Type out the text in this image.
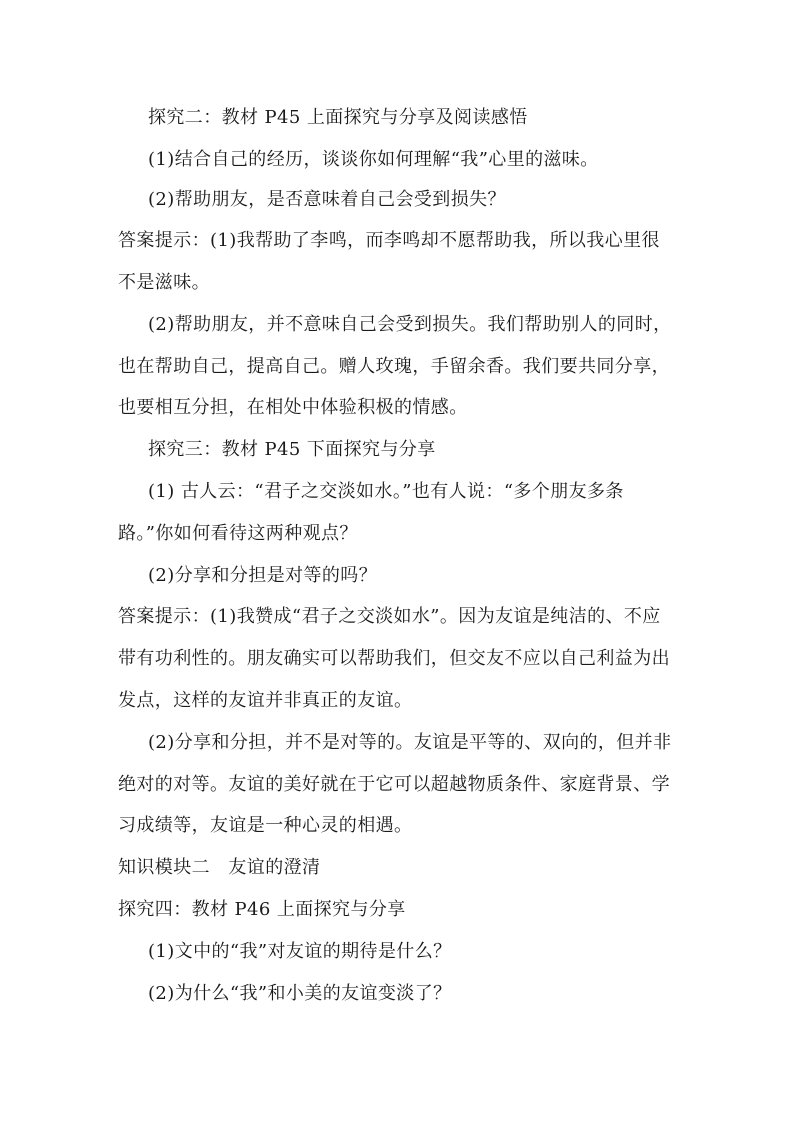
探究二：教材 P45 上面探究与分享及阅读感悟
(1)结合自己的经历，谈谈你如何理解“我”心里的滋味。
(2)帮助朋友，是否意味着自己会受到损失？
答案提示：(1)我帮助了李鸣，而李鸣却不愿帮助我，所以我心里很
不是滋味。
(2)帮助朋友，并不意味自己会受到损失。我们帮助别人的同时，
也在帮助自己，提高自己。赠人玫瑰，手留余香。我们要共同分享，
也要相互分担，在相处中体验积极的情感。
探究三：教材 P45 下面探究与分享
(1) 古人云：“君子之交淡如水。”也有人说：“多个朋友多条
路。”你如何看待这两种观点？
(2)分享和分担是对等的吗？
答案提示：(1)我赞成“君子之交淡如水”。因为友谊是纯洁的、不应
带有功利性的。朋友确实可以帮助我们，但交友不应以自己利益为出
发点，这样的友谊并非真正的友谊。
(2)分享和分担，并不是对等的。友谊是平等的、双向的，但并非
绝对的对等。友谊的美好就在于它可以超越物质条件、家庭背景、学
习成绩等，友谊是一种心灵的相遇。
知识模块二　友谊的澄清
探究四：教材 P46 上面探究与分享
(1)文中的“我”对友谊的期待是什么？
(2)为什么“我”和小美的友谊变淡了？
